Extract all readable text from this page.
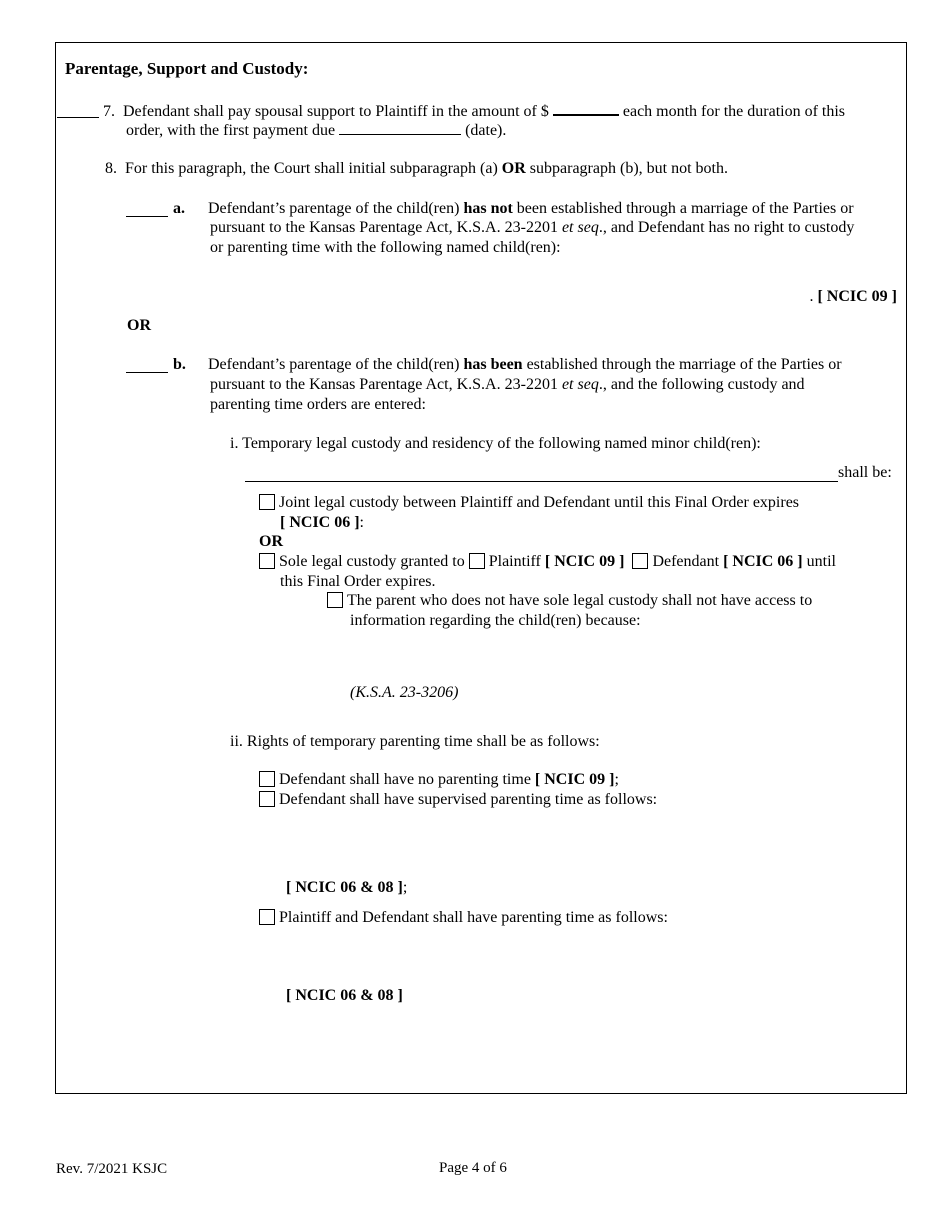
Parentage, Support and Custody:
7. Defendant shall pay spousal support to Plaintiff in the amount of $	each month for the duration of this
order, with the first payment due	(date).
8. For this paragraph, the Court shall initial subparagraph (a) OR subparagraph (b), but not both.
a. Defendant’s parentage of the child(ren) has not been established through a marriage of the Parties or
pursuant to the Kansas Parentage Act, K.S.A. 23-2201 et seq., and Defendant has no right to custody
or parenting time with the following named child(ren):
. [ NCIC 09 ]
OR
b. Defendant’s parentage of the child(ren) has been established through the marriage of the Parties or
pursuant to the Kansas Parentage Act, K.S.A. 23-2201 et seq., and the following custody and
parenting time orders are entered:
i. Temporary legal custody and residency of the following named minor child(ren):
shall be:
Joint legal custody between Plaintiff and Defendant until this Final Order expires
[ NCIC 06 ]:
OR
Sole legal custody granted to Plaintiff [ NCIC 09 ] Defendant [ NCIC 06 ] until
this Final Order expires.
The parent who does not have sole legal custody shall not have access to
information regarding the child(ren) because:
(K.S.A. 23-3206)
ii. Rights of temporary parenting time shall be as follows:
Defendant shall have no parenting time [ NCIC 09 ];
Defendant shall have supervised parenting time as follows:
[ NCIC 06 & 08 ];
Plaintiff and Defendant shall have parenting time as follows:
[ NCIC 06 & 08 ]
Rev. 7/2021 KSJC	Page 4 of 6
